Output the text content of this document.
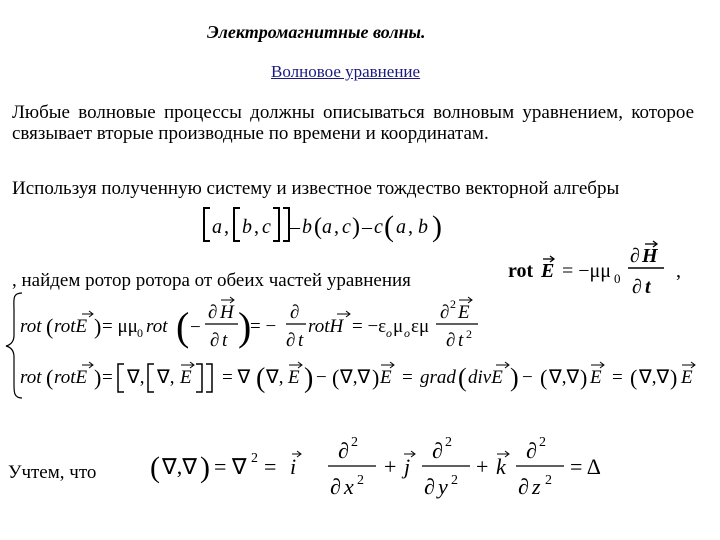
Электромагнитные волны.
Волновое уравнение
Любые волновые процессы должны описываться волновым уравнением, которое связывает вторые производные по времени и координатам.
Используя полученную систему и известное тождество векторной алгебры
, найдем ротор ротора от обеих частей уравнения
Учтем, что
a , b , c – b ( a , c ) – c ( a , b )
rot E = −μμ 0
∂ H
∂ t
,
rot ( rotE ) = μμ 0 rot ( −
∂ H
∂ t )
= −
∂
∂ t
rotH = −ε o μ o εμ
∂ 2 E
∂ t 2
rot ( rotE ) = ∇, ∇, E = ∇ ( ∇, E ) − ( ∇,∇ ) E = grad ( divE ) − ( ∇,∇ ) E = ( ∇,∇ ) E
( ∇,∇ ) = ∇ 2 = i
∂ 2
∂ x 2
+ j
∂ 2
∂ y 2
+ k
∂ 2
∂ z 2
= Δ
